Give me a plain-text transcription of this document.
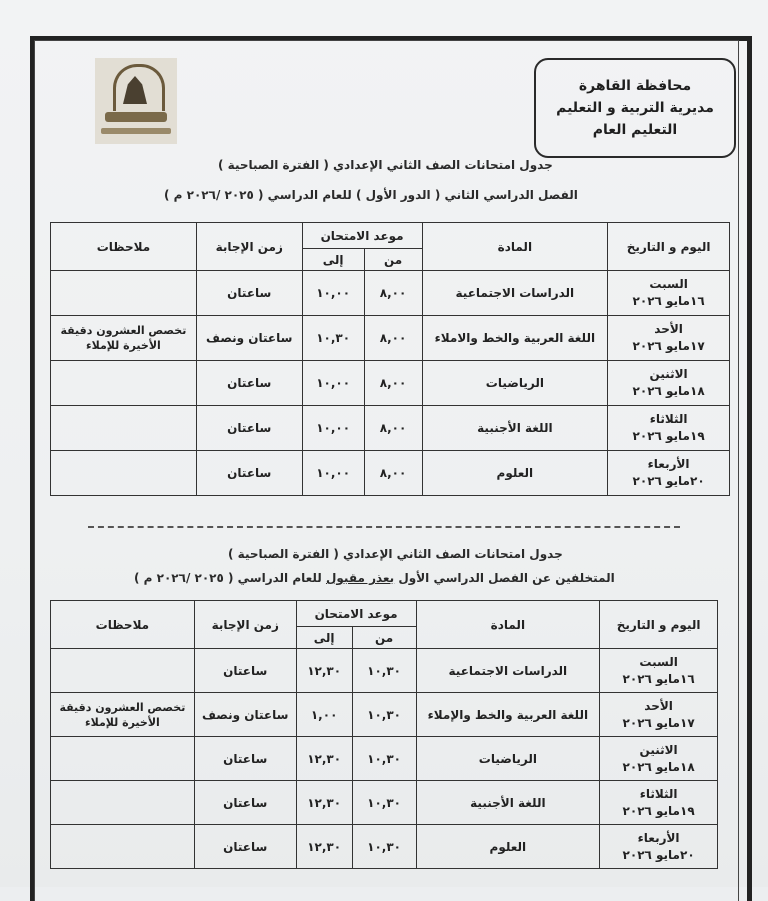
محافظة القاهرة
مديرية التربية و التعليم
التعليم العام
جدول امتحانات الصف الثاني الإعدادي ( الفترة الصباحية )
الفصل الدراسي الثاني ( الدور الأول ) للعام الدراسي ( ٢٠٢٥ /٢٠٢٦ م )
اليوم و التاريخ	المادة	موعد الامتحان		زمن الإجابة	ملاحظات
		من	إلى		

السبت
١٦مايو ٢٠٢٦	الدراسات الاجتماعية	٨,٠٠	١٠,٠٠	ساعتان	

الأحد
١٧مايو ٢٠٢٦	اللغة العربية والخط والاملاء	٨,٠٠	١٠,٣٠	ساعتان ونصف	تخصص العشرون دقيقة الأخيرة للإملاء

الاثنين
١٨مايو ٢٠٢٦	الرياضيات	٨,٠٠	١٠,٠٠	ساعتان	

الثلاثاء
١٩مايو ٢٠٢٦	اللغة الأجنبية	٨,٠٠	١٠,٠٠	ساعتان	

الأربعاء
٢٠مايو ٢٠٢٦	العلوم	٨,٠٠	١٠,٠٠	ساعتان	
جدول امتحانات الصف الثاني الإعدادي ( الفترة الصباحية )
المتخلفين عن الفصل الدراسي الأول بعذر مقبول للعام الدراسي ( ٢٠٢٥ /٢٠٢٦ م )
اليوم و التاريخ	المادة	موعد الامتحان		زمن الإجابة	ملاحظات
		من	إلى		

السبت
١٦مايو ٢٠٢٦	الدراسات الاجتماعية	١٠,٣٠	١٢,٣٠	ساعتان	

الأحد
١٧مايو ٢٠٢٦	اللغة العربية والخط والإملاء	١٠,٣٠	١,٠٠	ساعتان ونصف	تخصص العشرون دقيقة الأخيرة للإملاء

الاثنين
١٨مايو ٢٠٢٦	الرياضيات	١٠,٣٠	١٢,٣٠	ساعتان	

الثلاثاء
١٩مايو ٢٠٢٦	اللغة الأجنبية	١٠,٣٠	١٢,٣٠	ساعتان	

الأربعاء
٢٠مايو ٢٠٢٦	العلوم	١٠,٣٠	١٢,٣٠	ساعتان	
